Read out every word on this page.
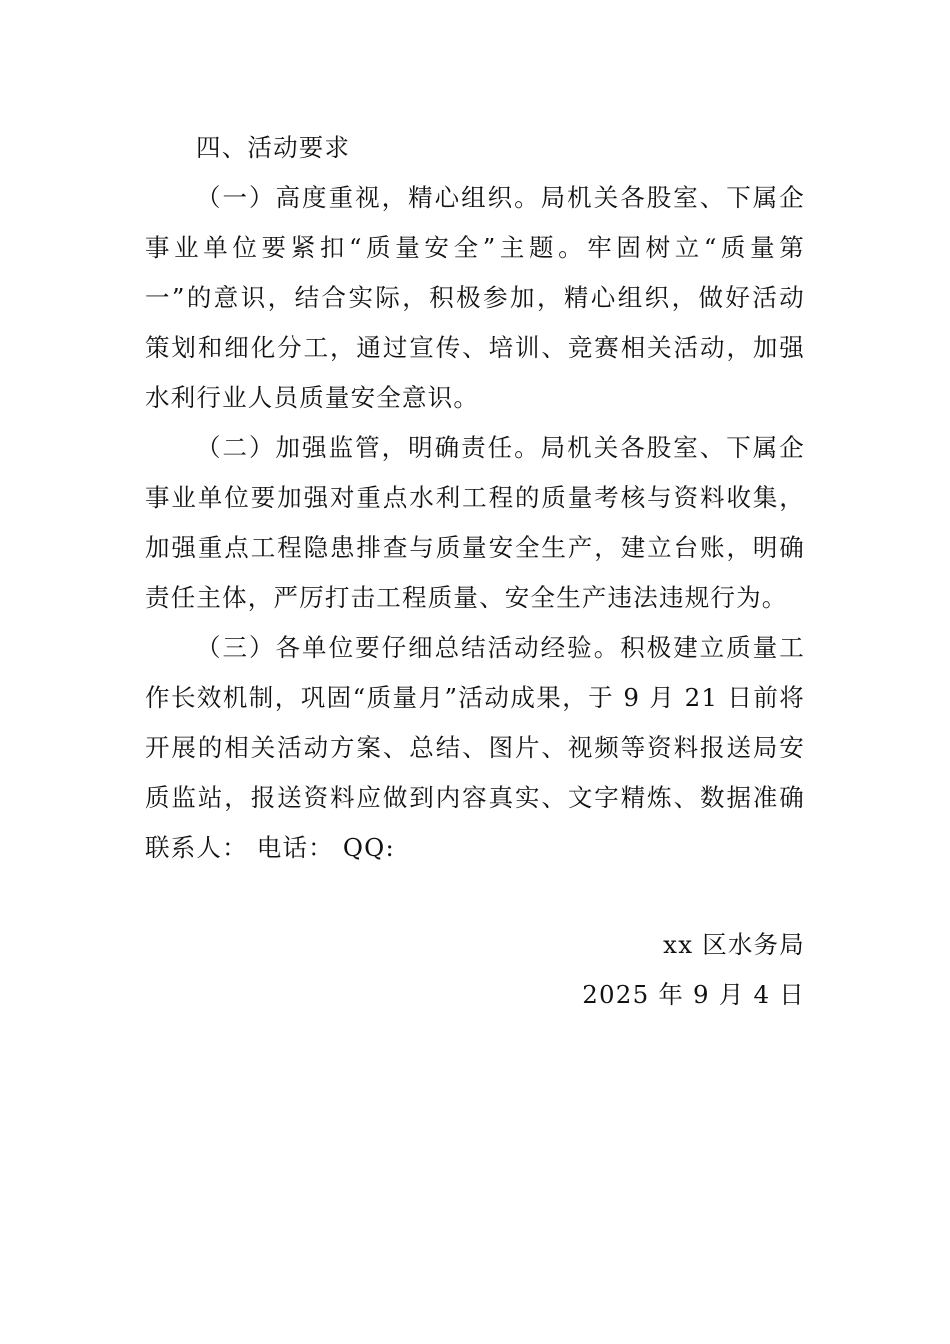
四、活动要求
（一）高度重视，精心组织。局机关各股室、下属企
事业单位要紧扣“质量安全”主题。牢固树立“质量第
一”的意识，结合实际，积极参加，精心组织，做好活动
策划和细化分工，通过宣传、培训、竞赛相关活动，加强
水利行业人员质量安全意识。
（二）加强监管，明确责任。局机关各股室、下属企
事业单位要加强对重点水利工程的质量考核与资料收集，
加强重点工程隐患排查与质量安全生产，建立台账，明确
责任主体，严厉打击工程质量、安全生产违法违规行为。
（三）各单位要仔细总结活动经验。积极建立质量工
作长效机制，巩固“质量月”活动成果，于 9 月 21 日前将
开展的相关活动方案、总结、图片、视频等资料报送局安
质监站，报送资料应做到内容真实、文字精炼、数据准确
联系人： 电话： QQ:
xx 区水务局
2025 年 9 月 4 日
